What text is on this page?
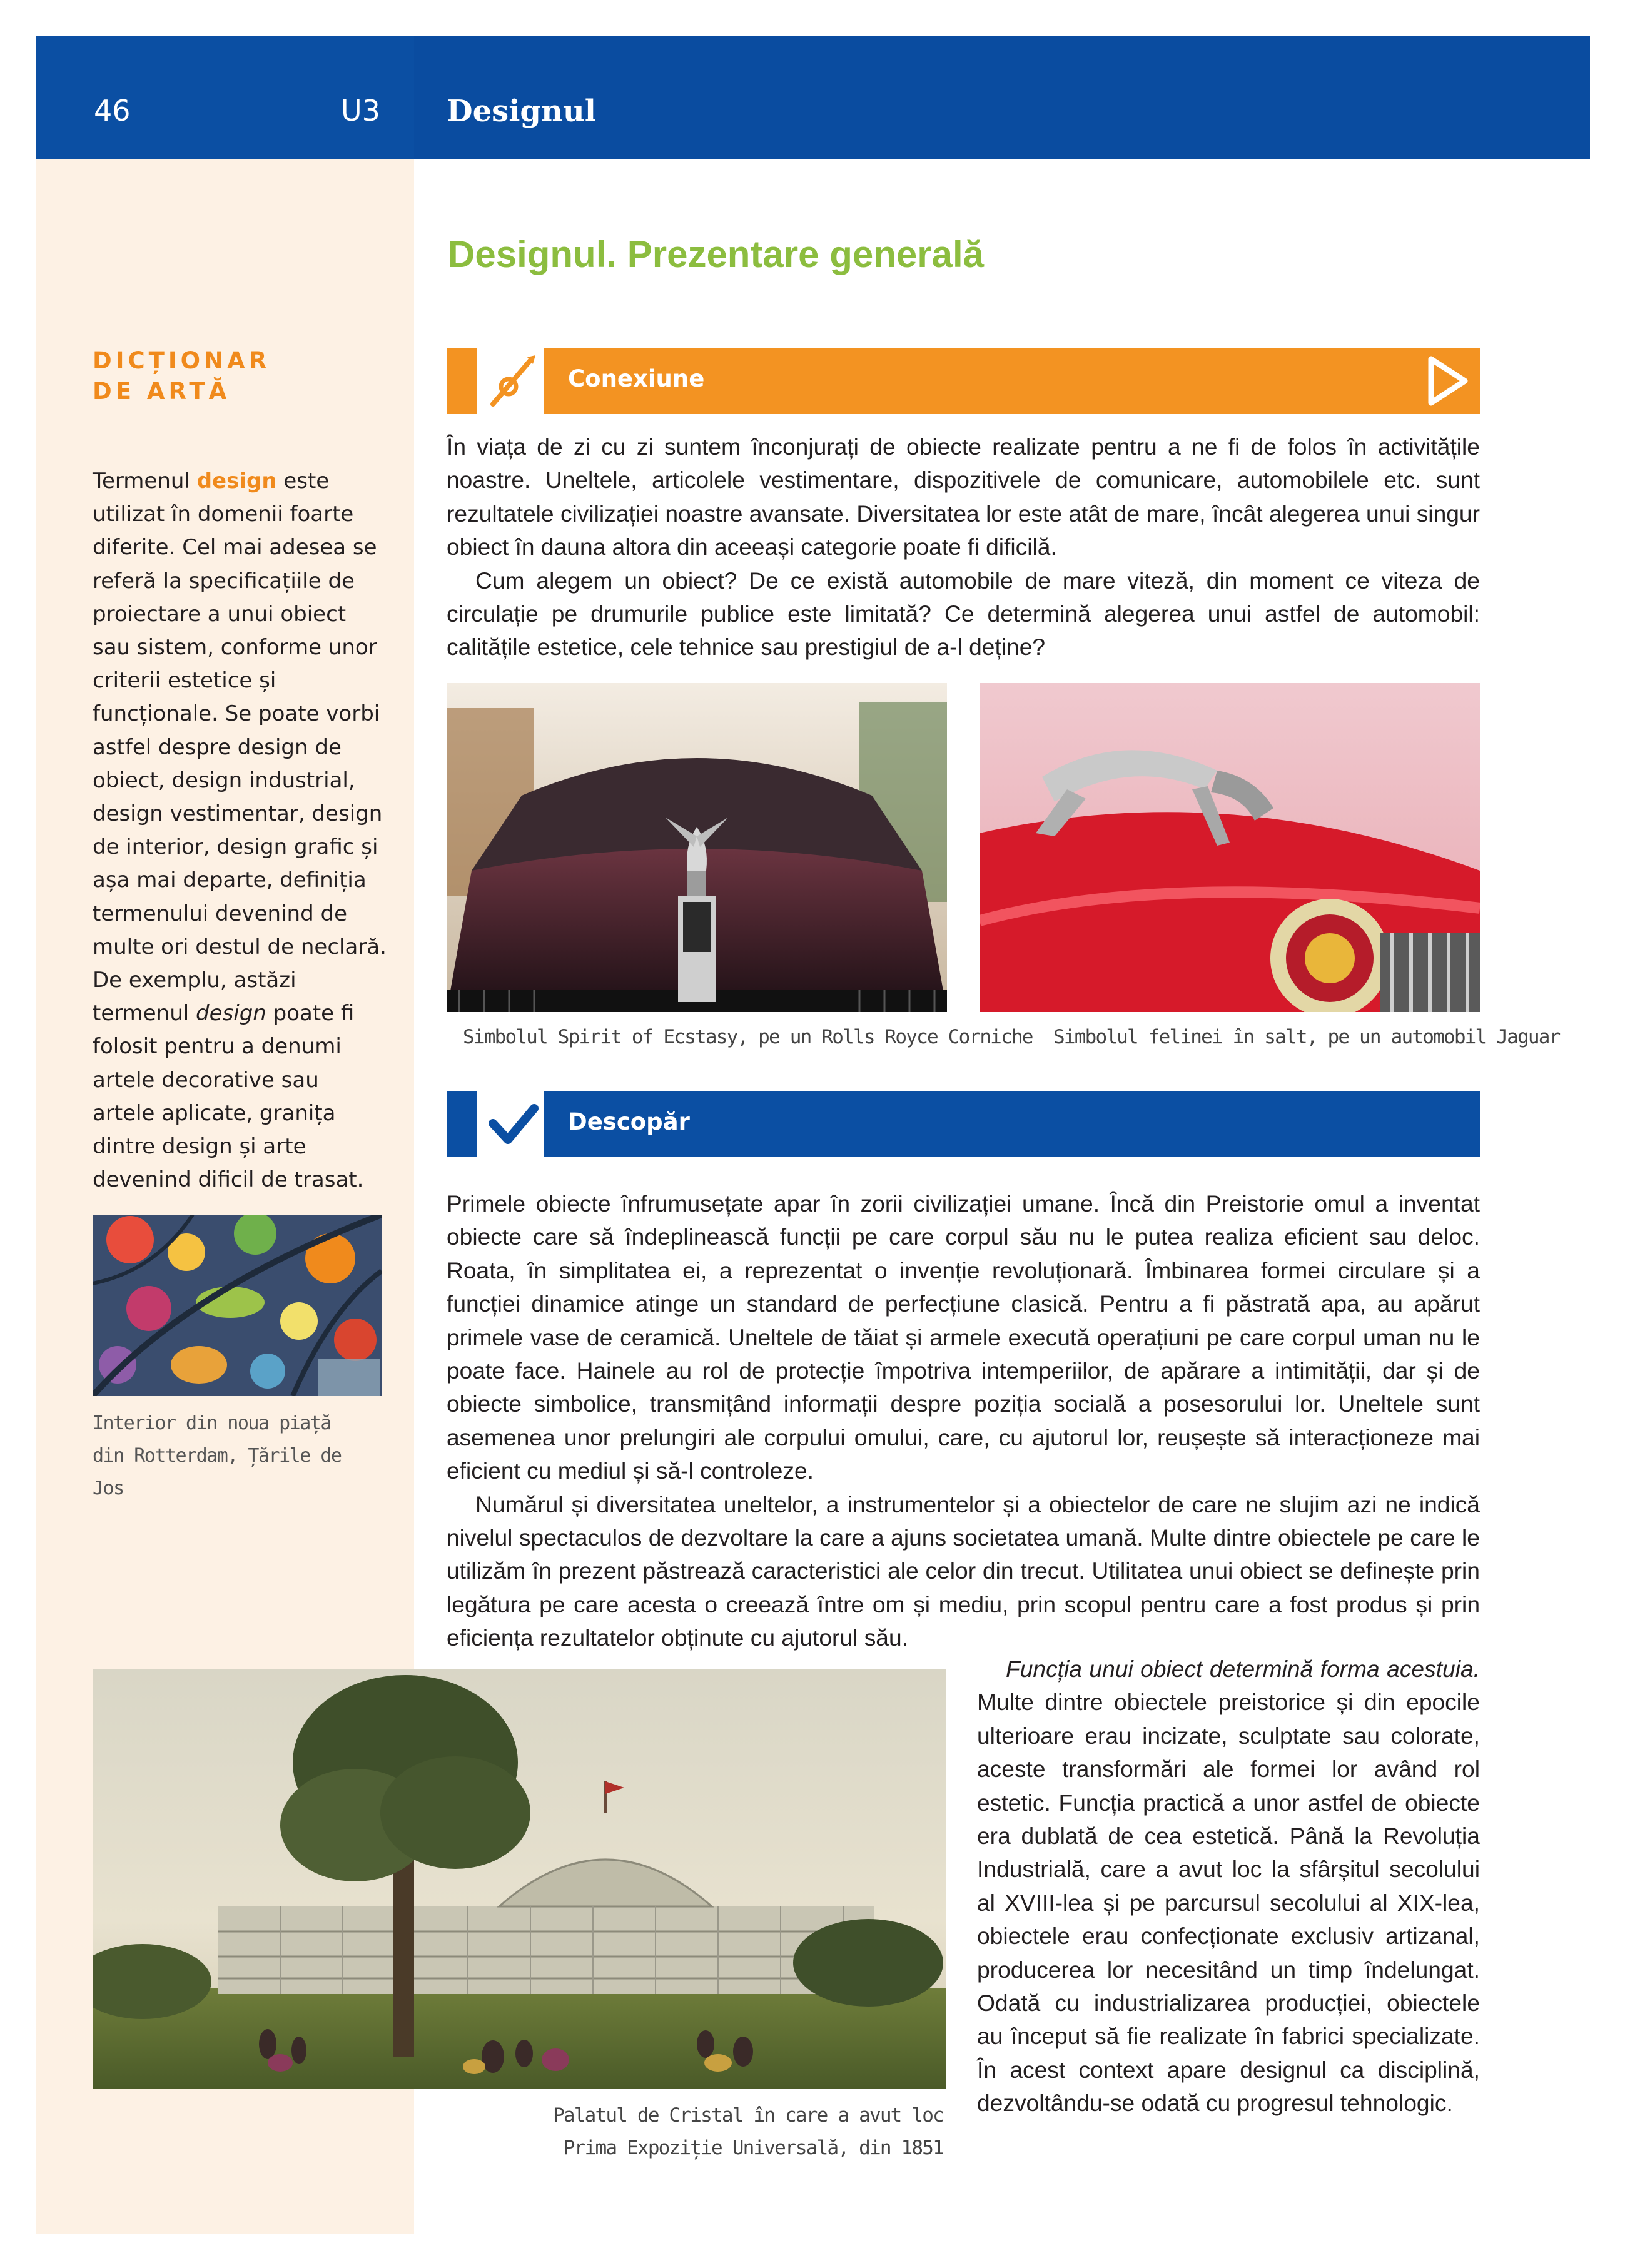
46	U3 Designul
DICȚIONAR
DE ARTĂ
Termenul design este utilizat în domenii foarte diferite. Cel mai adesea se referă la specificațiile de proiectare a unui obiect sau sistem, conforme unor criterii estetice și funcționale. Se poate vorbi astfel despre design de obiect, design industrial, design vestimentar, design de interior, design grafic și așa mai departe, definiția termenului devenind de multe ori destul de neclară. De exemplu, astăzi termenul design poate fi folosit pentru a denumi artele decorative sau artele aplicate, granița dintre design și arte devenind dificil de trasat.
Interior din noua piață
din Rotterdam, Țările de Jos
Designul. Prezentare generală
Conexiune

În viața de zi cu zi suntem înconjurați de obiecte realizate pentru a ne fi de folos în activitățile noastre. Uneltele, articolele vestimentare, dispozitivele de comunicare, automobilele etc. sunt rezultatele civilizației noastre avansate. Diversitatea lor este atât de mare, încât alegerea unui singur obiect în dauna altora din aceeași categorie poate fi dificilă.

Cum alegem un obiect? De ce există automobile de mare viteză, din moment ce viteza de circulație pe drumurile publice este limitată? Ce determină alegerea unui astfel de automobil: calitățile estetice, cele tehnice sau prestigiul de a-l deține?

Simbolul Spirit of Ecstasy, pe un Rolls Royce Corniche Simbolul felinei în salt, pe un automobil Jaguar
Descopăr

Primele obiecte înfrumusețate apar în zorii civilizației umane. Încă din Preistorie omul a inventat obiecte care să îndeplinească funcții pe care corpul său nu le putea realiza eficient sau deloc. Roata, în simplitatea ei, a reprezentat o invenție revoluționară. Îmbinarea formei circulare și a funcției dinamice atinge un standard de perfecțiune clasică. Pentru a fi păstrată apa, au apărut primele vase de ceramică. Uneltele de tăiat și armele execută operațiuni pe care corpul uman nu le poate face. Hainele au rol de protecție împotriva intemperiilor, de apărare a intimității, dar și de obiecte simbolice, transmițând informații despre poziția socială a posesorului lor. Uneltele sunt asemenea unor prelungiri ale corpului omului, care, cu ajutorul lor, reușește să interacționeze mai eficient cu mediul și să-l controleze.

Numărul și diversitatea uneltelor, a instrumentelor și a obiectelor de care ne slujim azi ne indică nivelul spectaculos de dezvoltare la care a ajuns societatea umană. Multe dintre obiectele pe care le utilizăm în prezent păstrează caracteristici ale celor din trecut. Utilitatea unui obiect se definește prin legătura pe care acesta o creează între om și mediu, prin scopul pentru care a fost produs și prin eficiența rezultatelor obținute cu ajutorul său.

Palatul de Cristal în care a avut loc
Prima Expoziție Universală, din 1851
Funcția unui obiect determină forma acestuia. Multe dintre obiectele preistorice și din epocile ulterioare erau incizate, sculptate sau colorate, aceste transformări ale formei lor având rol estetic. Funcția practică a unor astfel de obiecte era dublată de cea estetică. Până la Revoluția Industrială, care a avut loc la sfârșitul secolului al XVIII-lea și pe parcursul secolului al XIX-lea, obiectele erau confecționate exclusiv artizanal, producerea lor necesitând un timp îndelungat. Odată cu industrializarea producției, obiectele au început să fie realizate în fabrici specializate. În acest context apare designul ca disciplină, dezvoltându-se odată cu progresul tehnologic.
